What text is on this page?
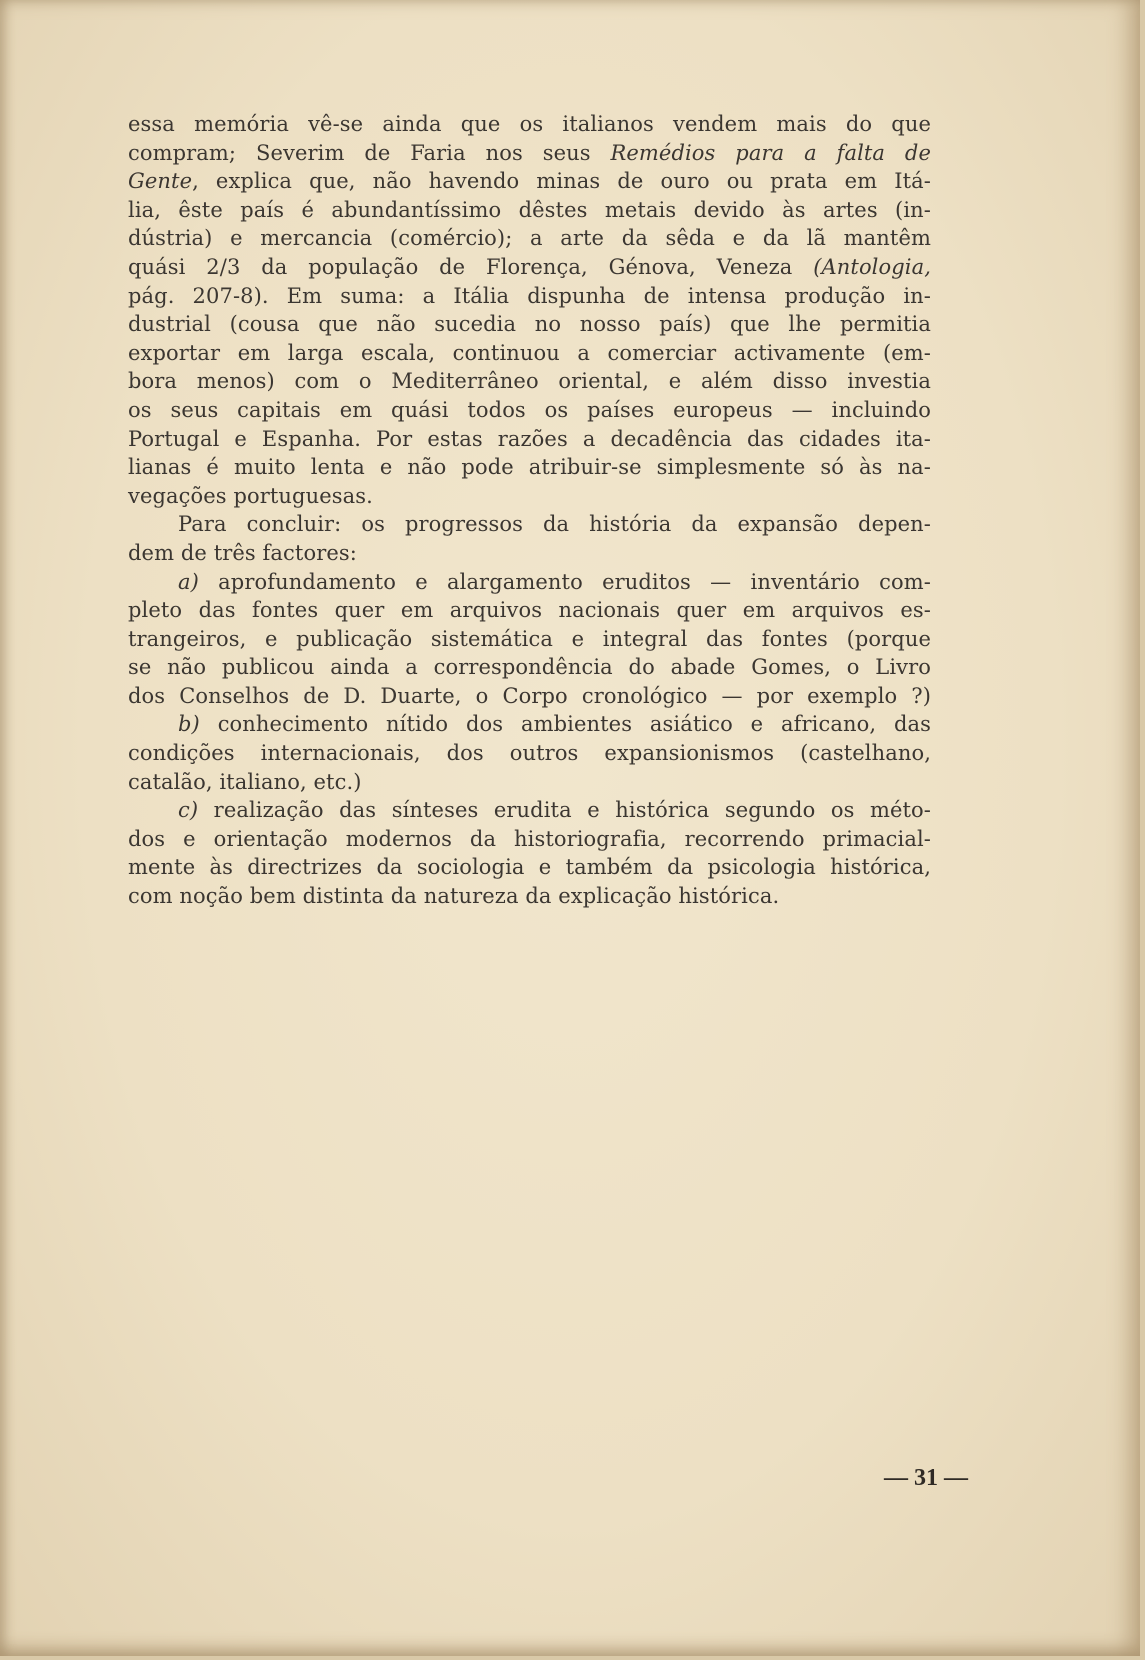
essa memória vê-se ainda que os italianos vendem mais do que
compram; Severim de Faria nos seus Remédios para a falta de
Gente, explica que, não havendo minas de ouro ou prata em Itá-
lia, êste país é abundantíssimo dêstes metais devido às artes (in-
dústria) e mercancia (comércio); a arte da sêda e da lã mantêm
quási 2/3 da população de Florença, Génova, Veneza (Antologia,
pág. 207-8). Em suma: a Itália dispunha de intensa produção in-
dustrial (cousa que não sucedia no nosso país) que lhe permitia
exportar em larga escala, continuou a comerciar activamente (em-
bora menos) com o Mediterrâneo oriental, e além disso investia
os seus capitais em quási todos os países europeus — incluindo
Portugal e Espanha. Por estas razões a decadência das cidades ita-
lianas é muito lenta e não pode atribuir-se simplesmente só às na-
vegações portuguesas.
Para concluir: os progressos da história da expansão depen-
dem de três factores:
a) aprofundamento e alargamento eruditos — inventário com-
pleto das fontes quer em arquivos nacionais quer em arquivos es-
trangeiros, e publicação sistemática e integral das fontes (porque
se não publicou ainda a correspondência do abade Gomes, o Livro
dos Conselhos de D. Duarte, o Corpo cronológico — por exemplo ?)
b) conhecimento nítido dos ambientes asiático e africano, das
condições internacionais, dos outros expansionismos (castelhano,
catalão, italiano, etc.)
c) realização das sínteses erudita e histórica segundo os méto-
dos e orientação modernos da historiografia, recorrendo primacial-
mente às directrizes da sociologia e também da psicologia histórica,
com noção bem distinta da natureza da explicação histórica.
— 31 —
